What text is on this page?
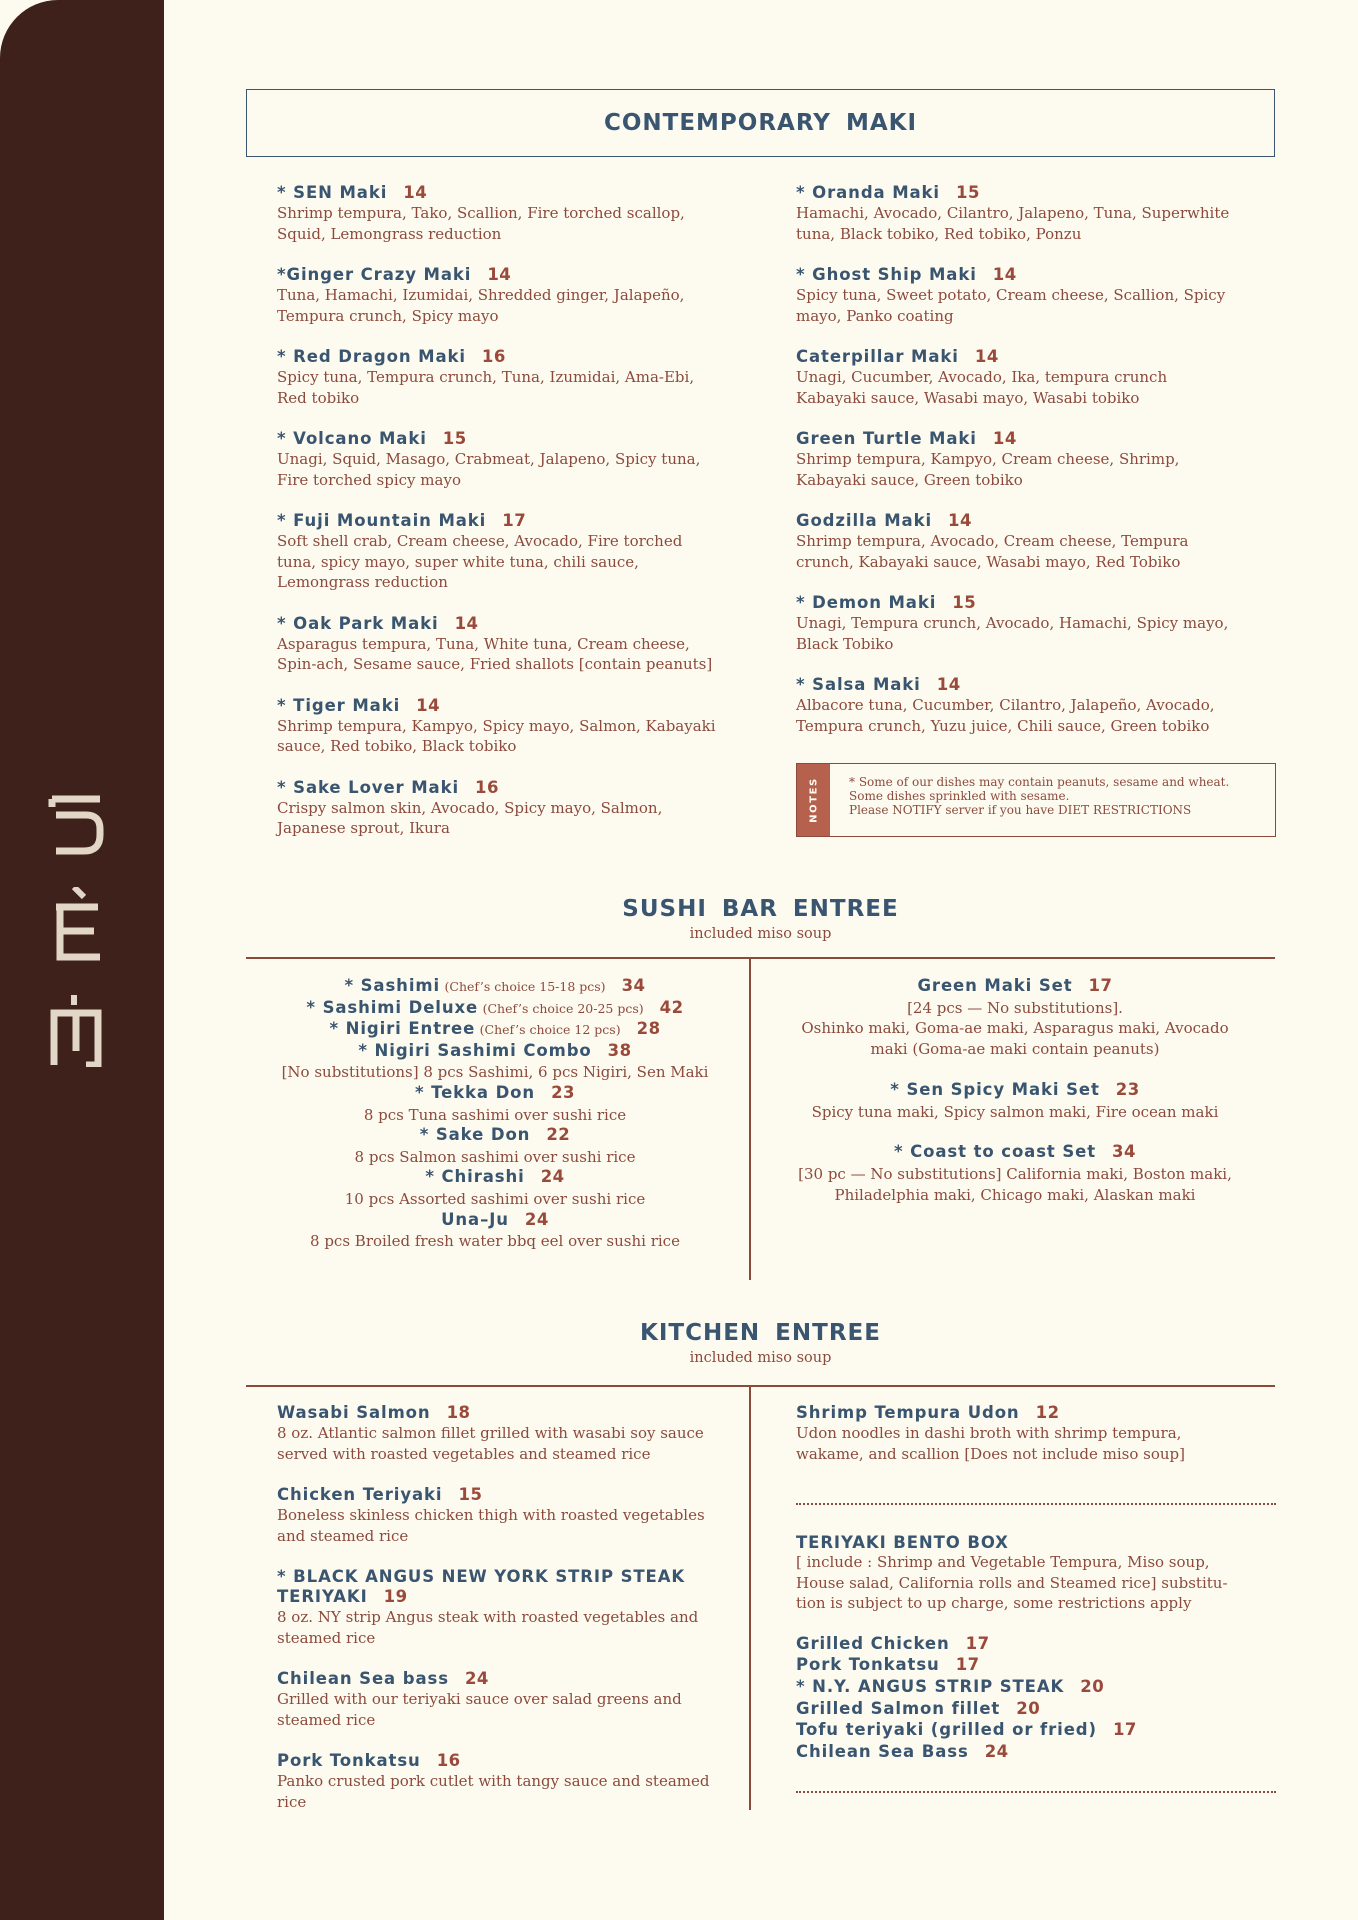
CONTEMPORARY MAKI
* SEN Maki 14
Shrimp tempura, Tako, Scallion, Fire torched scallop, Squid, Lemongrass reduction
*Ginger Crazy Maki 14
Tuna, Hamachi, Izumidai, Shredded ginger, Jalapeño, Tempura crunch, Spicy mayo
* Red Dragon Maki 16
Spicy tuna, Tempura crunch, Tuna, Izumidai, Ama-Ebi, Red tobiko
* Volcano Maki 15
Unagi, Squid, Masago, Crabmeat, Jalapeno, Spicy tuna, Fire torched spicy mayo
* Fuji Mountain Maki 17
Soft shell crab, Cream cheese, Avocado, Fire torched tuna, spicy mayo, super white tuna, chili sauce, Lemongrass reduction
* Oak Park Maki 14
Asparagus tempura, Tuna, White tuna, Cream cheese, Spin-ach, Sesame sauce, Fried shallots [contain peanuts]
* Tiger Maki 14
Shrimp tempura, Kampyo, Spicy mayo, Salmon, Kabayaki sauce, Red tobiko, Black tobiko
* Sake Lover Maki 16
Crispy salmon skin, Avocado, Spicy mayo, Salmon, Japanese sprout, Ikura
* Oranda Maki 15
Hamachi, Avocado, Cilantro, Jalapeno, Tuna, Superwhite tuna, Black tobiko, Red tobiko, Ponzu
* Ghost Ship Maki 14
Spicy tuna, Sweet potato, Cream cheese, Scallion, Spicy mayo, Panko coating
Caterpillar Maki 14
Unagi, Cucumber, Avocado, Ika, tempura crunch Kabayaki sauce, Wasabi mayo, Wasabi tobiko
Green Turtle Maki 14
Shrimp tempura, Kampyo, Cream cheese, Shrimp, Kabayaki sauce, Green tobiko
Godzilla Maki 14
Shrimp tempura, Avocado, Cream cheese, Tempura crunch, Kabayaki sauce, Wasabi mayo, Red Tobiko
* Demon Maki 15
Unagi, Tempura crunch, Avocado, Hamachi, Spicy mayo, Black Tobiko
* Salsa Maki 14
Albacore tuna, Cucumber, Cilantro, Jalapeño, Avocado, Tempura crunch, Yuzu juice, Chili sauce, Green tobiko
NOTES	* Some of our dishes may contain peanuts, sesame and wheat.
Some dishes sprinkled with sesame.
Please NOTIFY server if you have DIET RESTRICTIONS
SUSHI BAR ENTREE
included miso soup
* Sashimi (Chef’s choice 15-18 pcs) 34
* Sashimi Deluxe (Chef’s choice 20-25 pcs) 42
* Nigiri Entree (Chef’s choice 12 pcs) 28
* Nigiri Sashimi Combo 38
[No substitutions] 8 pcs Sashimi, 6 pcs Nigiri, Sen Maki
* Tekka Don 23
8 pcs Tuna sashimi over sushi rice
* Sake Don 22
8 pcs Salmon sashimi over sushi rice
* Chirashi 24
10 pcs Assorted sashimi over sushi rice
Una–Ju 24
8 pcs Broiled fresh water bbq eel over sushi rice
Green Maki Set 17
[24 pcs — No substitutions].
Oshinko maki, Goma-ae maki, Asparagus maki, Avocado
maki (Goma-ae maki contain peanuts)
* Sen Spicy Maki Set 23
Spicy tuna maki, Spicy salmon maki, Fire ocean maki
* Coast to coast Set 34
[30 pc — No substitutions] California maki, Boston maki,
Philadelphia maki, Chicago maki, Alaskan maki
KITCHEN ENTREE
included miso soup
Wasabi Salmon 18
8 oz. Atlantic salmon fillet grilled with wasabi soy sauce served with roasted vegetables and steamed rice
Chicken Teriyaki 15
Boneless skinless chicken thigh with roasted vegetables and steamed rice
* BLACK ANGUS NEW YORK STRIP STEAK TERIYAKI 19
8 oz. NY strip Angus steak with roasted vegetables and steamed rice
Chilean Sea bass 24
Grilled with our teriyaki sauce over salad greens and steamed rice
Pork Tonkatsu 16
Panko crusted pork cutlet with tangy sauce and steamed rice
Shrimp Tempura Udon 12
Udon noodles in dashi broth with shrimp tempura, wakame, and scallion [Does not include miso soup]
TERIYAKI BENTO BOX
[ include : Shrimp and Vegetable Tempura, Miso soup, House salad, California rolls and Steamed rice] substitu-tion is subject to up charge, some restrictions apply
Grilled Chicken 17
Pork Tonkatsu 17
* N.Y. ANGUS STRIP STEAK 20
Grilled Salmon fillet 20
Tofu teriyaki (grilled or fried) 17
Chilean Sea Bass 24
